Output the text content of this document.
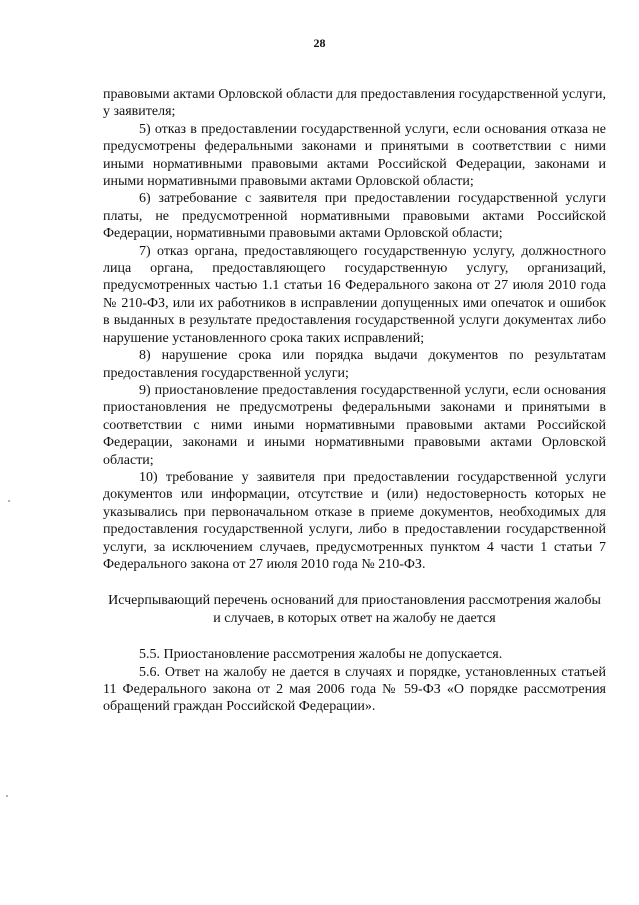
28

правовыми актами Орловской области для предоставления государственной услуги, у заявителя;

5) отказ в предоставлении государственной услуги, если основания отказа не предусмотрены федеральными законами и принятыми в соответствии с ними иными нормативными правовыми актами Российской Федерации, законами и иными нормативными правовыми актами Орловской области;

6) затребование с заявителя при предоставлении государственной услуги платы, не предусмотренной нормативными правовыми актами Российской Федерации, нормативными правовыми актами Орловской области;

7) отказ органа, предоставляющего государственную услугу, должностного лица органа, предоставляющего государственную услугу, организаций, предусмотренных частью 1.1 статьи 16 Федерального закона от 27 июля 2010 года № 210-ФЗ, или их работников в исправлении допущенных ими опечаток и ошибок в выданных в результате предоставления государственной услуги документах либо нарушение установленного срока таких исправлений;

8) нарушение срока или порядка выдачи документов по результатам предоставления государственной услуги;

9) приостановление предоставления государственной услуги, если основания приостановления не предусмотрены федеральными законами и принятыми в соответствии с ними иными нормативными правовыми актами Российской Федерации, законами и иными нормативными правовыми актами Орловской области;

10) требование у заявителя при предоставлении государственной услуги документов или информации, отсутствие и (или) недостоверность которых не указывались при первоначальном отказе в приеме документов, необходимых для предоставления государственной услуги, либо в предоставлении государственной услуги, за исключением случаев, предусмотренных пунктом 4 части 1 статьи 7 Федерального закона от 27 июля 2010 года № 210-ФЗ.

Исчерпывающий перечень оснований для приостановления рассмотрения жалобы и случаев, в которых ответ на жалобу не дается

5.5. Приостановление рассмотрения жалобы не допускается.

5.6. Ответ на жалобу не дается в случаях и порядке, установленных статьей 11 Федерального закона от 2 мая 2006 года № 59-ФЗ «О порядке рассмотрения обращений граждан Российской Федерации».
